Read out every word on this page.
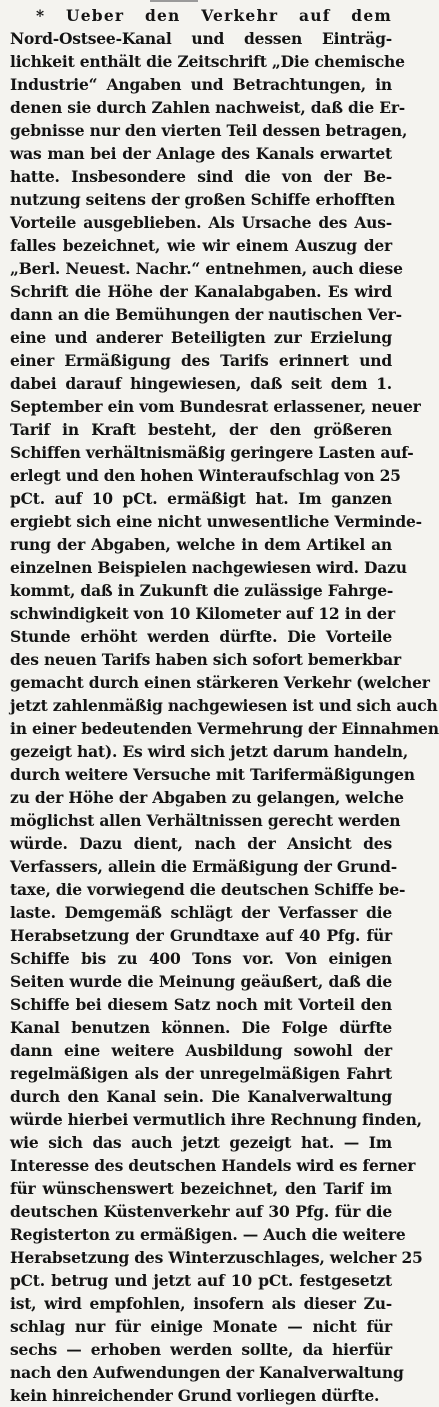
* Ueber den Verkehr auf dem
Nord-Ostsee-Kanal und dessen Einträg-
lichkeit enthält die Zeitschrift „Die chemische
Industrie“ Angaben und Betrachtungen, in
denen sie durch Zahlen nachweist, daß die Er-
gebnisse nur den vierten Teil dessen betragen,
was man bei der Anlage des Kanals erwartet
hatte. Insbesondere sind die von der Be-
nutzung seitens der großen Schiffe erhofften
Vorteile ausgeblieben. Als Ursache des Aus-
falles bezeichnet, wie wir einem Auszug der
„Berl. Neuest. Nachr.“ entnehmen, auch diese
Schrift die Höhe der Kanalabgaben. Es wird
dann an die Bemühungen der nautischen Ver-
eine und anderer Beteiligten zur Erzielung
einer Ermäßigung des Tarifs erinnert und
dabei darauf hingewiesen, daß seit dem 1.
September ein vom Bundesrat erlassener, neuer
Tarif in Kraft besteht, der den größeren
Schiffen verhältnismäßig geringere Lasten auf-
erlegt und den hohen Winteraufschlag von 25
pCt. auf 10 pCt. ermäßigt hat. Im ganzen
ergiebt sich eine nicht unwesentliche Verminde-
rung der Abgaben, welche in dem Artikel an
einzelnen Beispielen nachgewiesen wird. Dazu
kommt, daß in Zukunft die zulässige Fahrge-
schwindigkeit von 10 Kilometer auf 12 in der
Stunde erhöht werden dürfte. Die Vorteile
des neuen Tarifs haben sich sofort bemerkbar
gemacht durch einen stärkeren Verkehr (welcher
jetzt zahlenmäßig nachgewiesen ist und sich auch
in einer bedeutenden Vermehrung der Einnahmen
gezeigt hat). Es wird sich jetzt darum handeln,
durch weitere Versuche mit Tarifermäßigungen
zu der Höhe der Abgaben zu gelangen, welche
möglichst allen Verhältnissen gerecht werden
würde. Dazu dient, nach der Ansicht des
Verfassers, allein die Ermäßigung der Grund-
taxe, die vorwiegend die deutschen Schiffe be-
laste. Demgemäß schlägt der Verfasser die
Herabsetzung der Grundtaxe auf 40 Pfg. für
Schiffe bis zu 400 Tons vor. Von einigen
Seiten wurde die Meinung geäußert, daß die
Schiffe bei diesem Satz noch mit Vorteil den
Kanal benutzen können. Die Folge dürfte
dann eine weitere Ausbildung sowohl der
regelmäßigen als der unregelmäßigen Fahrt
durch den Kanal sein. Die Kanalverwaltung
würde hierbei vermutlich ihre Rechnung finden,
wie sich das auch jetzt gezeigt hat. — Im
Interesse des deutschen Handels wird es ferner
für wünschenswert bezeichnet, den Tarif im
deutschen Küstenverkehr auf 30 Pfg. für die
Registerton zu ermäßigen. — Auch die weitere
Herabsetzung des Winterzuschlages, welcher 25
pCt. betrug und jetzt auf 10 pCt. festgesetzt
ist, wird empfohlen, insofern als dieser Zu-
schlag nur für einige Monate — nicht für
sechs — erhoben werden sollte, da hierfür
nach den Aufwendungen der Kanalverwaltung
kein hinreichender Grund vorliegen dürfte.
